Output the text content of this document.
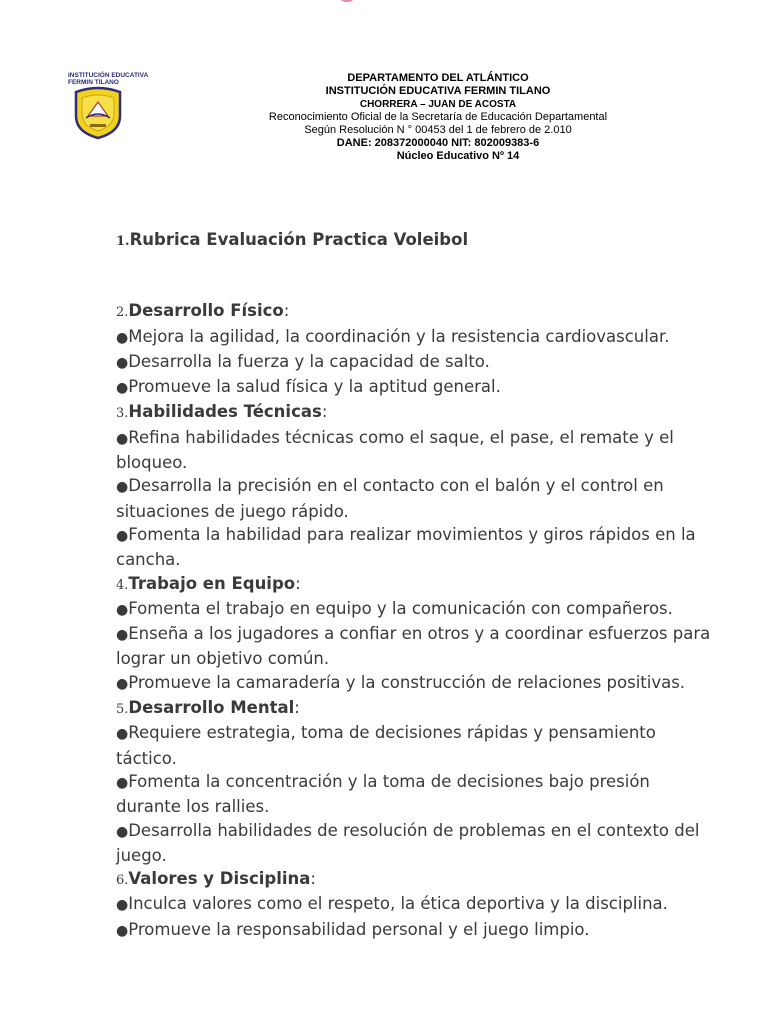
INSTITUCIÓN EDUCATIVA
FERMIN TILANO	DEPARTAMENTO DEL ATLÁNTICO
INSTITUCIÓN EDUCATIVA FERMIN TILANO
CHORRERA – JUAN DE ACOSTA
Reconocimiento Oficial de la Secretaría de Educación Departamental
Según Resolución N ° 00453 del 1 de febrero de 2.010
DANE: 208372000040 NIT: 802009383-6
Núcleo Educativo Nº 14

1.Rubrica Evaluación Practica Voleibol

2.Desarrollo Físico:

●Mejora la agilidad, la coordinación y la resistencia cardiovascular.

●Desarrolla la fuerza y la capacidad de salto.

●Promueve la salud física y la aptitud general.

3.Habilidades Técnicas:

●Refina habilidades técnicas como el saque, el pase, el remate y el bloqueo.

●Desarrolla la precisión en el contacto con el balón y el control en situaciones de juego rápido.

●Fomenta la habilidad para realizar movimientos y giros rápidos en la cancha.

4.Trabajo en Equipo:

●Fomenta el trabajo en equipo y la comunicación con compañeros.

●Enseña a los jugadores a confiar en otros y a coordinar esfuerzos para lograr un objetivo común.

●Promueve la camaradería y la construcción de relaciones positivas.

5.Desarrollo Mental:

●Requiere estrategia, toma de decisiones rápidas y pensamiento táctico.

●Fomenta la concentración y la toma de decisiones bajo presión durante los rallies.

●Desarrolla habilidades de resolución de problemas en el contexto del juego.

6.Valores y Disciplina:

●Inculca valores como el respeto, la ética deportiva y la disciplina.

●Promueve la responsabilidad personal y el juego limpio.
